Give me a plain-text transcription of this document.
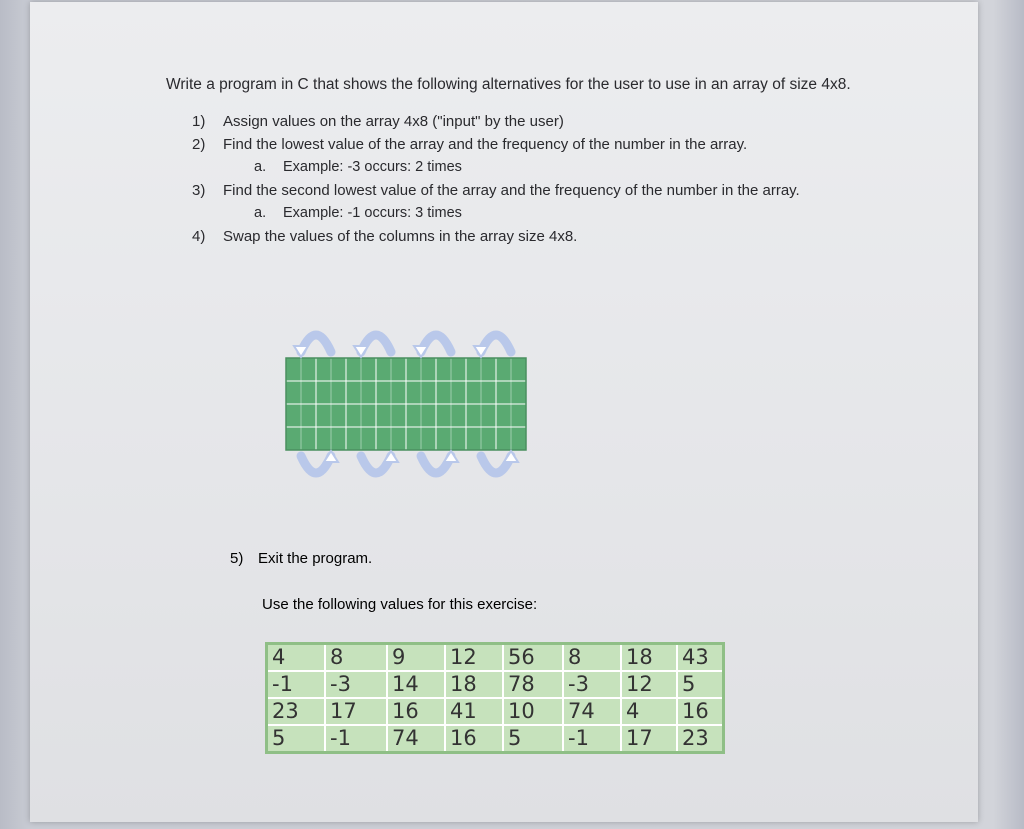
Write a program in C that shows the following alternatives for the user to use in an array of size 4x8.

1) Assign values on the array 4x8 ("input" by the user)
2) Find the lowest value of the array and the frequency of the number in the array.
a. Example: -3 occurs: 2 times
3) Find the second lowest value of the array and the frequency of the number in the array.
a. Example: -1 occurs: 3 times
4) Swap the values of the columns in the array size 4x8.
5) Exit the program.
Use the following values for this exercise:
4	8	9	12	56	8	18	43
-1	-3	14	18	78	-3	12	5
23	17	16	41	10	74	4	16
5	-1	74	16	5	-1	17	23
